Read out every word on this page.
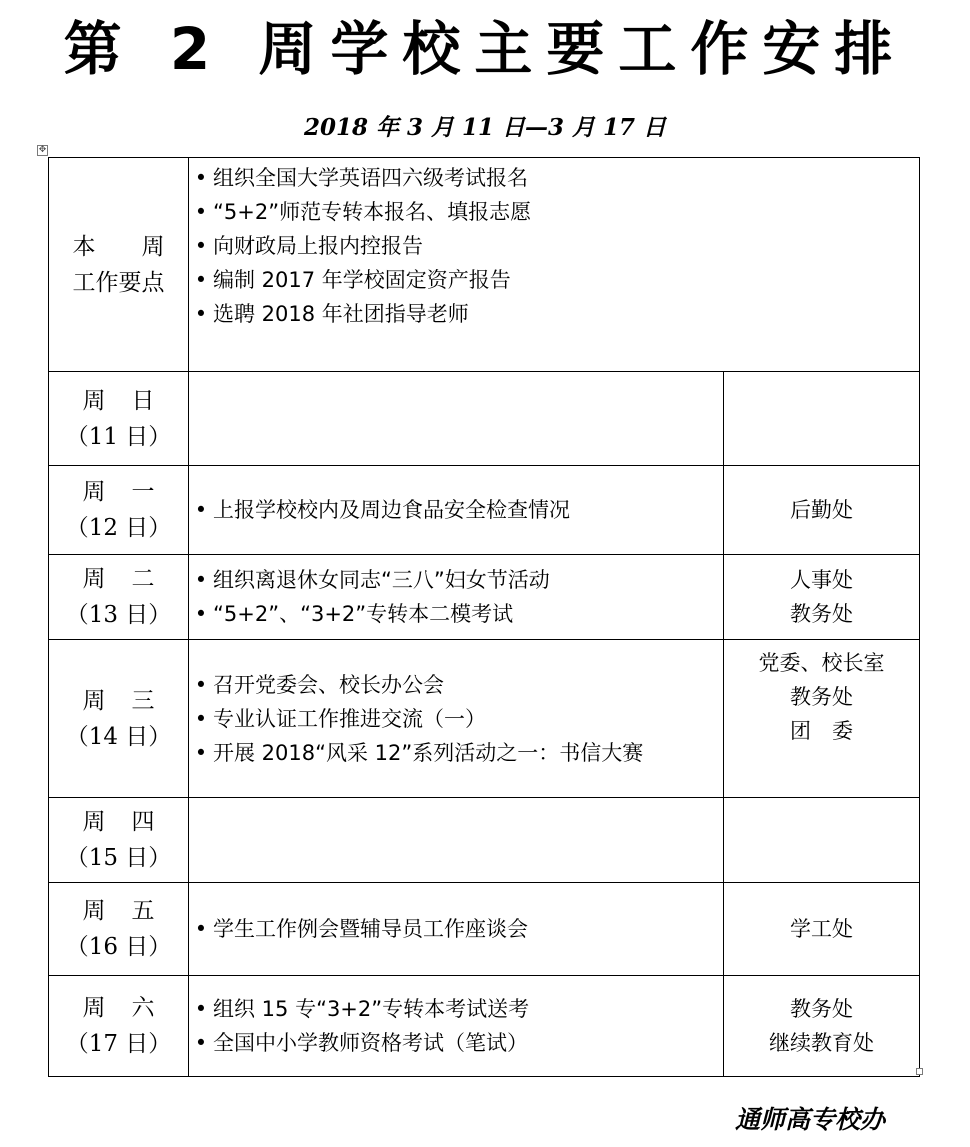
第 2 周学校主要工作安排
2018 年 3 月 11 日—3 月 17 日
✥
本　　周
工作要点	• 组织全国大学英语四六级考试报名
• “5+2”师范专转本报名、填报志愿
• 向财政局上报内控报告
• 编制 2017 年学校固定资产报告
• 选聘 2018 年社团指导老师	

周日
（11 日）		
周一
（12 日）	• 上报学校校内及周边食品安全检查情况	后勤处

周二
（13 日）	• 组织离退休女同志“三八”妇女节活动
• “5+2”、“3+2”专转本二模考试	人事处
教务处

周三
（14 日）	• 召开党委会、校长办公会
• 专业认证工作推进交流（一）
• 开展 2018“风采 12”系列活动之一：书信大赛	党委、校长室
教务处
团　委

周四
（15 日）		
周五
（16 日）	• 学生工作例会暨辅导员工作座谈会	学工处

周六
（17 日）	• 组织 15 专“3+2”专转本考试送考
• 全国中小学教师资格考试（笔试）	教务处
继续教育处
通师高专校办
